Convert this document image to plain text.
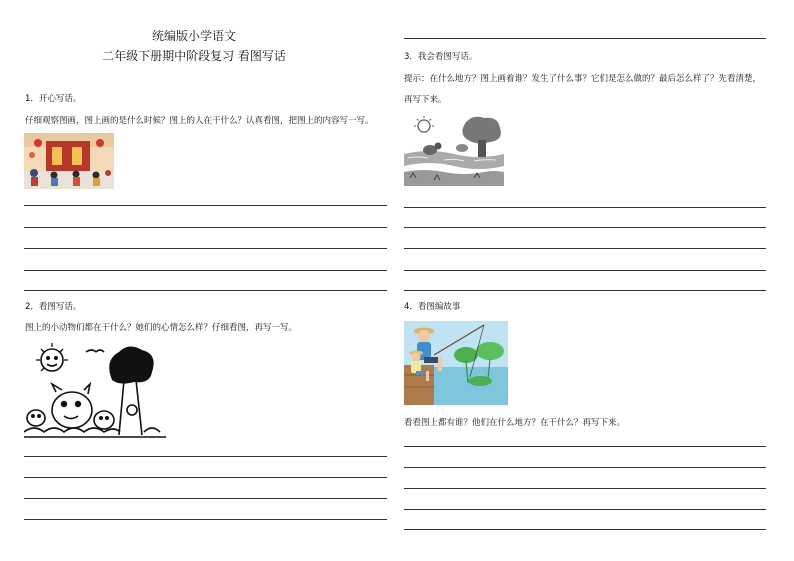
统编版小学语文
二年级下册期中阶段复习 看图写话
1．开心写话。
仔细观察图画，图上画的是什么时候？图上的人在干什么？认真看图，把图上的内容写一写。
2．看图写话。
图上的小动物们都在干什么？她们的心情怎么样？仔细看图，再写一写。
3．我会看图写话。
提示：在什么地方？图上画着谁？发生了什么事？它们是怎么做的？最后怎么样了？先看清楚，
再写下来。
4．看图编故事
看看图上都有谁？他们在什么地方？在干什么？再写下来。
